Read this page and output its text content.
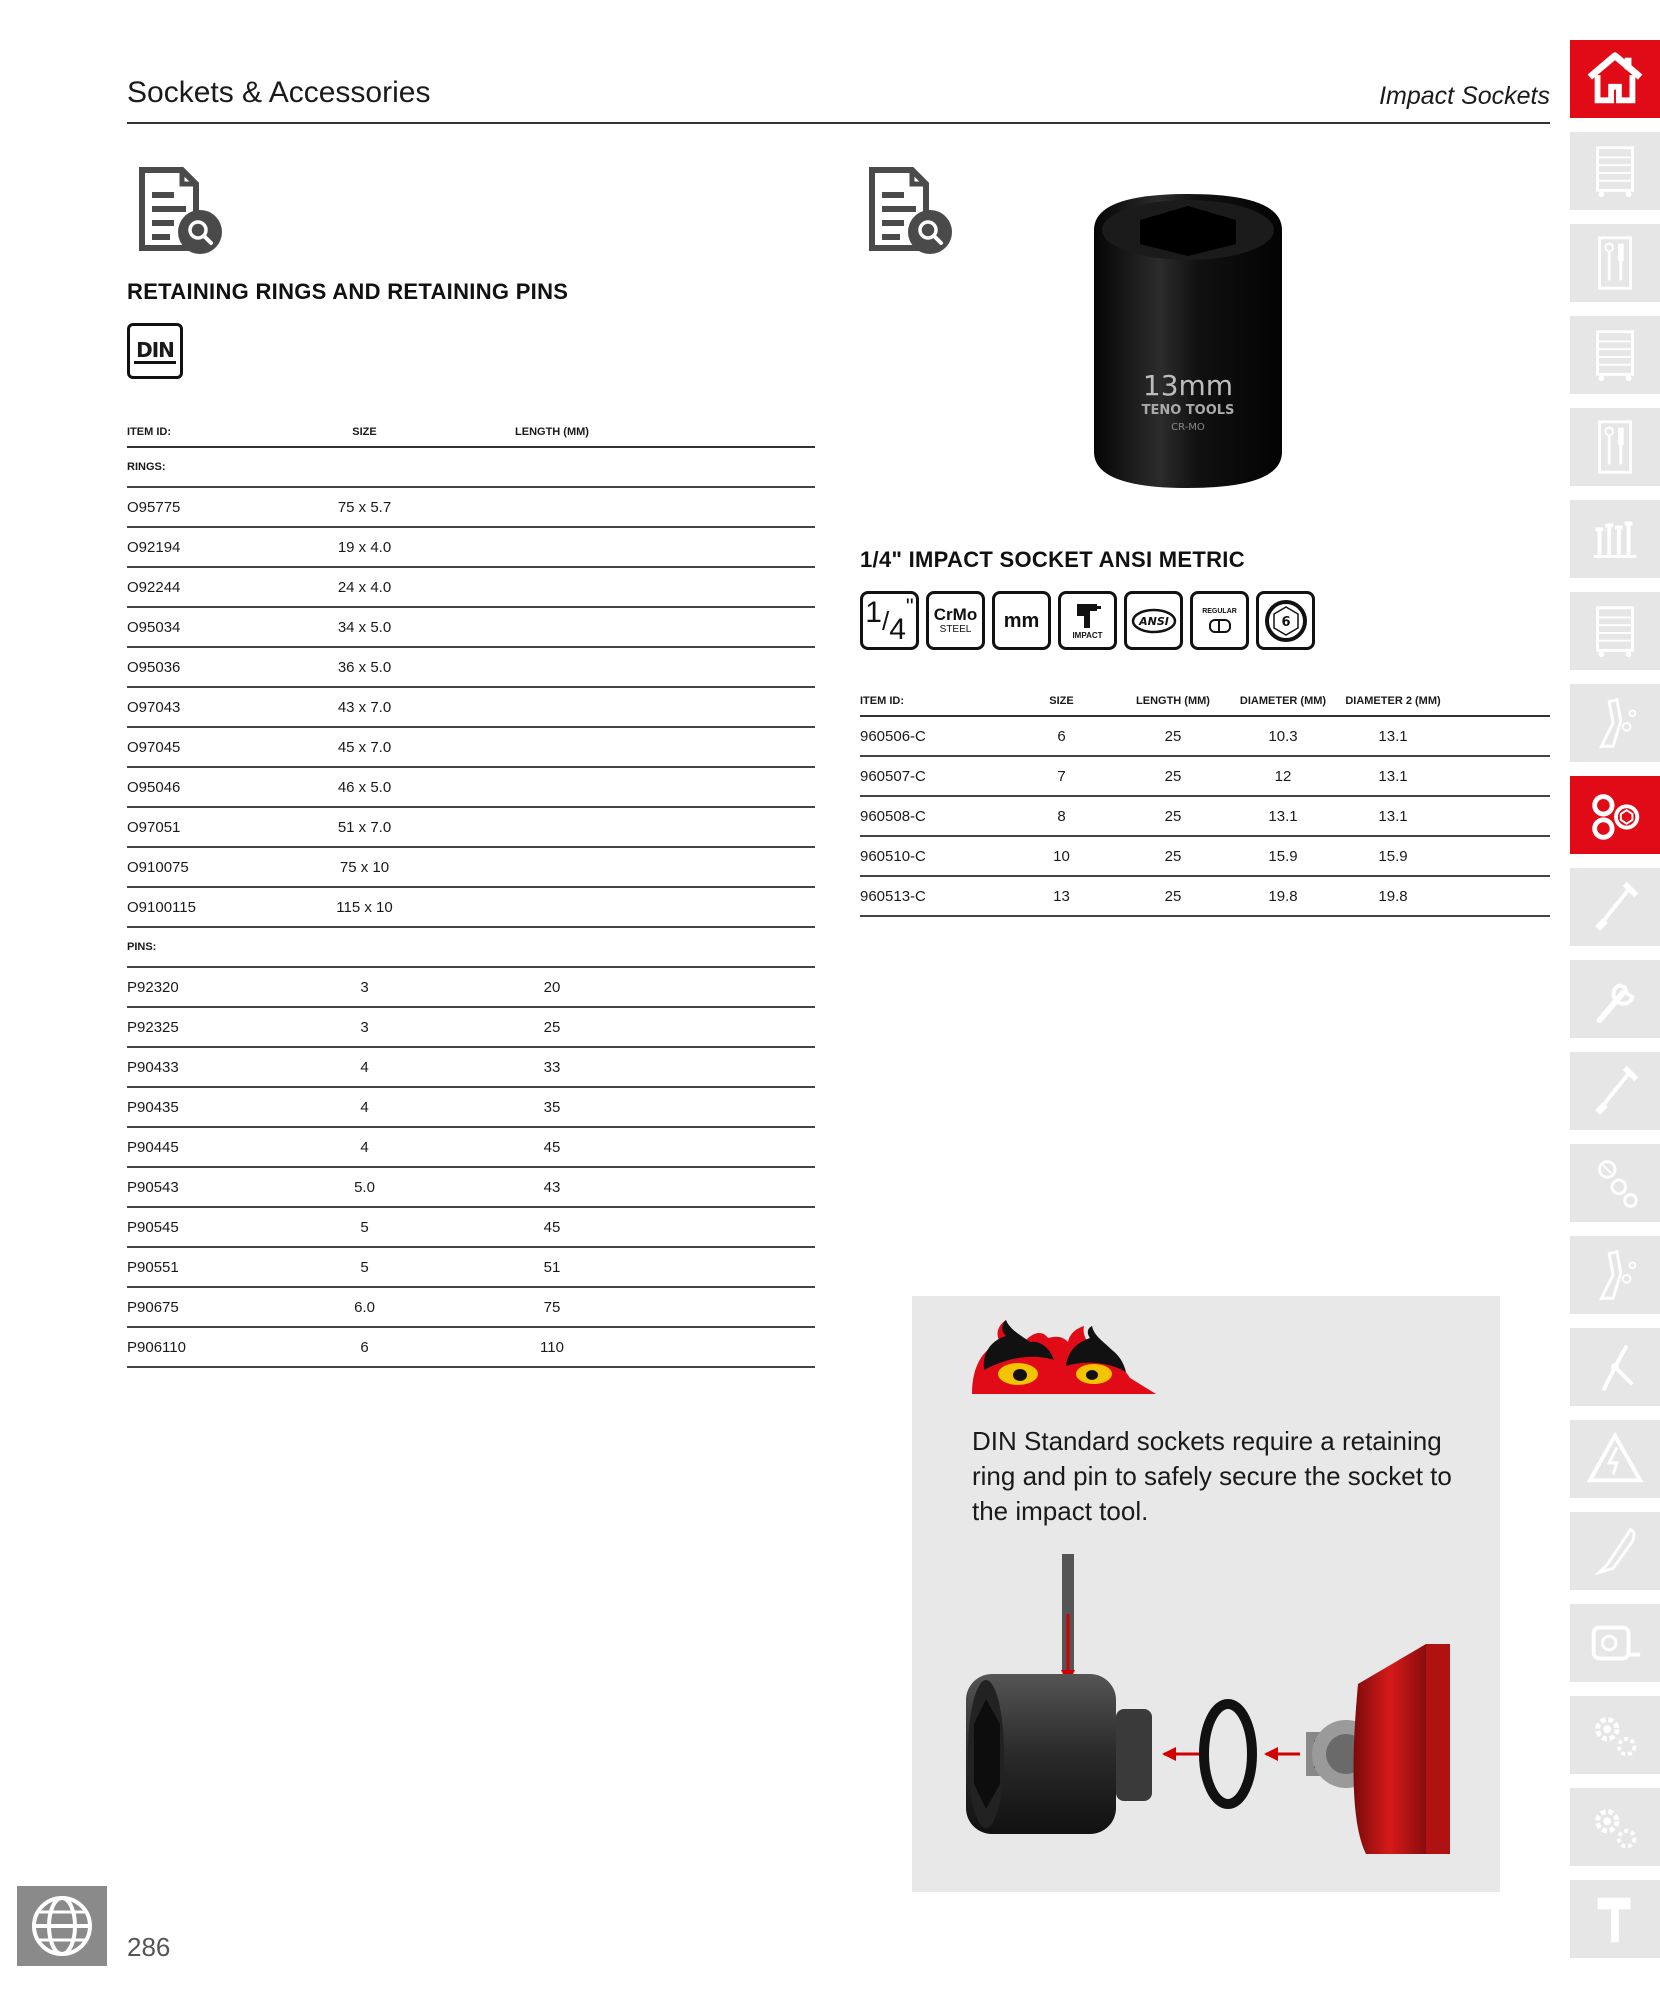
Sockets & Accessories	Impact Sockets
RETAINING RINGS AND RETAINING PINS
DIN
ITEM ID:	SIZE	LENGTH (MM)	
RINGS:			
O95775	75 x 5.7		
O92194	19 x 4.0		
O92244	24 x 4.0		
O95034	34 x 5.0		
O95036	36 x 5.0		
O97043	43 x 7.0		
O97045	45 x 7.0		
O95046	46 x 5.0		
O97051	51 x 7.0		
O910075	75 x 10		
O9100115	115 x 10		
PINS:			
P92320	3	20	
P92325	3	25	
P90433	4	33	
P90435	4	35	
P90445	4	45	
P90543	5.0	43	
P90545	5	45	
P90551	5	51	
P90675	6.0	75	
P906110	6	110	
13mm
TENO TOOLS
CR-MO
1/4" IMPACT SOCKET ANSI METRIC
1 / 4
" CrMo
STEEL mm
IMPACT
ANSI
REGULAR
6
ITEM ID:	SIZE	LENGTH (MM)	DIAMETER (MM)	DIAMETER 2 (MM)	
960506-C	6	25	10.3	13.1	
960507-C	7	25	12	13.1	
960508-C	8	25	13.1	13.1	
960510-C	10	25	15.9	15.9	
960513-C	13	25	19.8	19.8	
DIN Standard sockets require a retaining ring and pin to safely secure the socket to the impact tool.
286
